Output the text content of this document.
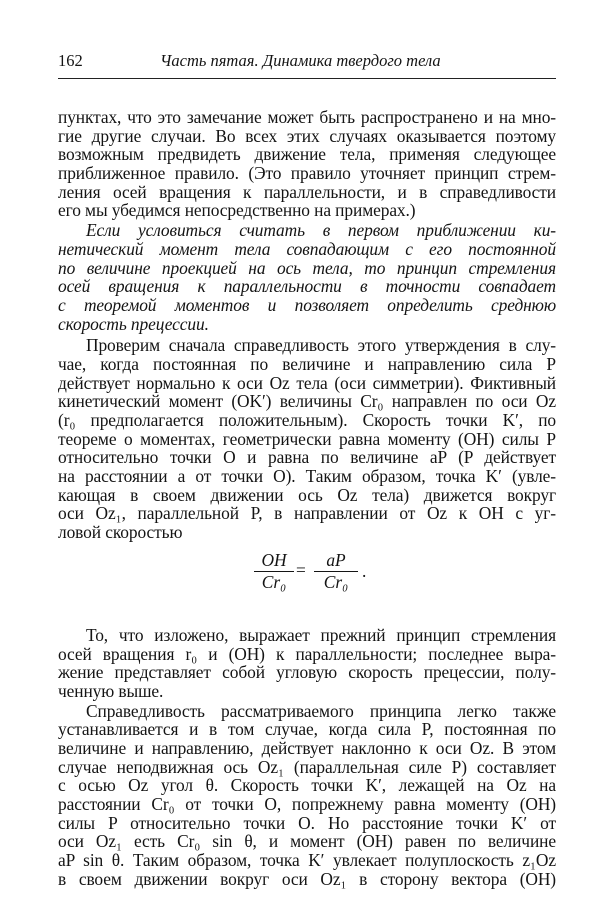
162	Часть пятая. Динамика твердого тела
пунктах, что это замечание может быть распространено и на мно-
гие другие случаи. Во всех этих случаях оказывается поэтому
возможным предвидеть движение тела, применяя следующее
приближенное правило. (Это правило уточняет принцип стрем-
ления осей вращения к параллельности, и в справедливости
его мы убедимся непосредственно на примерах.)
Если условиться считать в первом приближении ки-
нетический момент тела совпадающим с его постоянной
по величине проекцией на ось тела, то принцип стремления
осей вращения к параллельности в точности совпадает
с теоремой моментов и позволяет определить среднюю
скорость прецессии.
Проверим сначала справедливость этого утверждения в слу-
чае, когда постоянная по величине и направлению сила P
действует нормально к оси Oz тела (оси симметрии). Фиктивный
кинетический момент (OK′) величины Cr₀ направлен по оси Oz
(r₀ предполагается положительным). Скорость точки K′, по
теореме о моментах, геометрически равна моменту (OH) силы P
относительно точки O и равна по величине aP (P действует
на расстоянии a от точки O). Таким образом, точка K′ (увле-
кающая в своем движении ось Oz тела) движется вокруг
оси Oz₁, параллельной P, в направлении от Oz к OH с уг-
ловой скоростью
$\frac{OH}{\text{Cr₀}} = \frac{aP}{\text{Cr₀}}$ .
То, что изложено, выражает прежний принцип стремления
осей вращения r₀ и (OH) к параллельности; последнее выра-
жение представляет собой угловую скорость прецессии, полу-
ченную выше.
Справедливость рассматриваемого принципа легко также
устанавливается и в том случае, когда сила P, постоянная по
величине и направлению, действует наклонно к оси Oz. В этом
случае неподвижная ось Oz₁ (параллельная силе P) составляет
с осью Oz угол θ. Скорость точки K′, лежащей на Oz на
расстоянии Cr₀ от точки O, попрежнему равна моменту (OH)
силы P относительно точки O. Но расстояние точки K′ от
оси Oz₁ есть Cr₀ sin θ, и момент (OH) равен по величине
aP sin θ. Таким образом, точка K′ увлекает полуплоскость z₁Oz
в своем движении вокруг оси Oz₁ в сторону вектора (OH)
